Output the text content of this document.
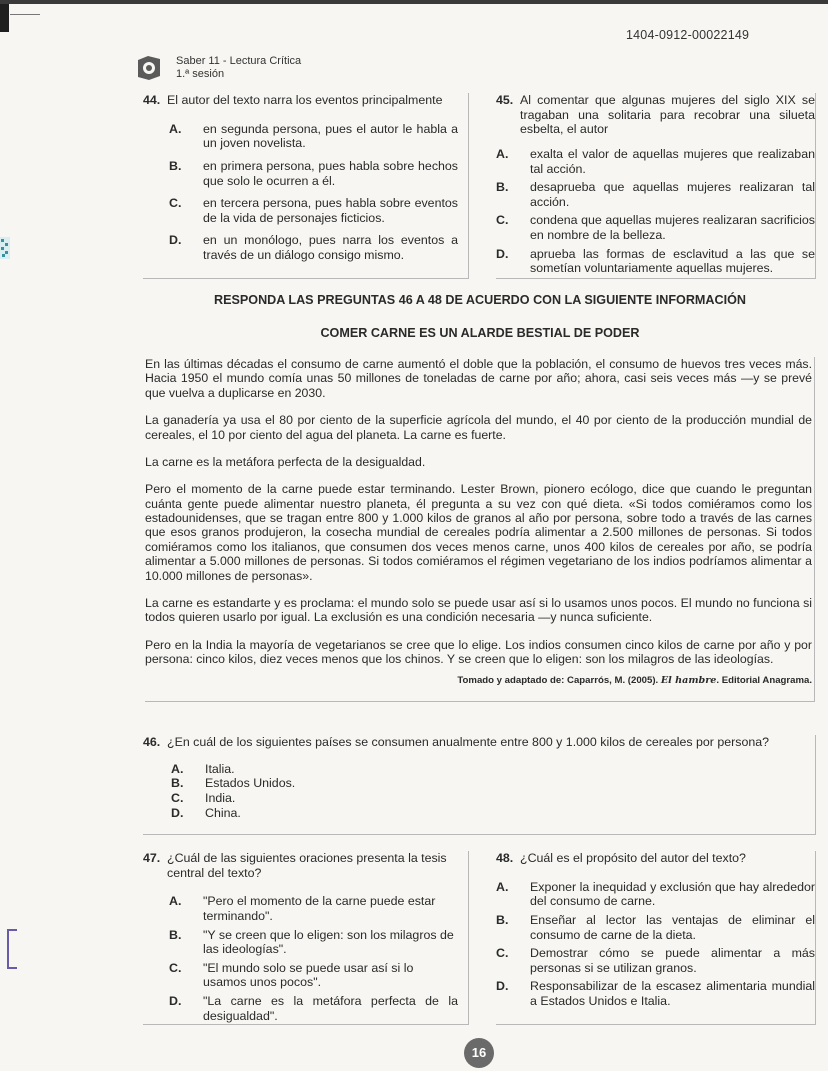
1404-0912-00022149
Saber 11 - Lectura Crítica
1.ª sesión
44. El autor del texto narra los eventos principalmente
A.	en segunda persona, pues el autor le habla a un joven novelista.
B.	en primera persona, pues habla sobre hechos que solo le ocurren a él.
C.	en tercera persona, pues habla sobre eventos de la vida de personajes ficticios.
D.	en un monólogo, pues narra los eventos a través de un diálogo consigo mismo.
45. Al comentar que algunas mujeres del siglo XIX se tragaban una solitaria para recobrar una silueta esbelta, el autor
A.	exalta el valor de aquellas mujeres que realizaban tal acción.
B.	desaprueba que aquellas mujeres realizaran tal acción.
C.	condena que aquellas mujeres realizaran sacrificios en nombre de la belleza.
D.	aprueba las formas de esclavitud a las que se sometían voluntariamente aquellas mujeres.
RESPONDA LAS PREGUNTAS 46 A 48 DE ACUERDO CON LA SIGUIENTE INFORMACIÓN
COMER CARNE ES UN ALARDE BESTIAL DE PODER

En las últimas décadas el consumo de carne aumentó el doble que la población, el consumo de huevos tres veces más. Hacia 1950 el mundo comía unas 50 millones de toneladas de carne por año; ahora, casi seis veces más —y se prevé que vuelva a duplicarse en 2030.

La ganadería ya usa el 80 por ciento de la superficie agrícola del mundo, el 40 por ciento de la producción mundial de cereales, el 10 por ciento del agua del planeta. La carne es fuerte.

La carne es la metáfora perfecta de la desigualdad.

Pero el momento de la carne puede estar terminando. Lester Brown, pionero ecólogo, dice que cuando le preguntan cuánta gente puede alimentar nuestro planeta, él pregunta a su vez con qué dieta. «Si todos comiéramos como los estadounidenses, que se tragan entre 800 y 1.000 kilos de granos al año por persona, sobre todo a través de las carnes que esos granos produjeron, la cosecha mundial de cereales podría alimentar a 2.500 millones de personas. Si todos comiéramos como los italianos, que consumen dos veces menos carne, unos 400 kilos de cereales por año, se podría alimentar a 5.000 millones de personas. Si todos comiéramos el régimen vegetariano de los indios podríamos alimentar a 10.000 millones de personas».

La carne es estandarte y es proclama: el mundo solo se puede usar así si lo usamos unos pocos. El mundo no funciona si todos quieren usarlo por igual. La exclusión es una condición necesaria —y nunca suficiente.

Pero en la India la mayoría de vegetarianos se cree que lo elige. Los indios consumen cinco kilos de carne por año y por persona: cinco kilos, diez veces menos que los chinos. Y se creen que lo eligen: son los milagros de las ideologías.

Tomado y adaptado de: Caparrós, M. (2005). El hambre. Editorial Anagrama.
46. ¿En cuál de los siguientes países se consumen anualmente entre 800 y 1.000 kilos de cereales por persona?
A.	Italia.
B.	Estados Unidos.
C.	India.
D.	China.
47. ¿Cuál de las siguientes oraciones presenta la tesis central del texto?
A.	"Pero el momento de la carne puede estar terminando".
B.	"Y se creen que lo eligen: son los milagros de las ideologías".
C.	"El mundo solo se puede usar así si lo usamos unos pocos".
D.	"La carne es la metáfora perfecta de la desigualdad".
48. ¿Cuál es el propósito del autor del texto?
A.	Exponer la inequidad y exclusión que hay alrededor del consumo de carne.
B.	Enseñar al lector las ventajas de eliminar el consumo de carne de la dieta.
C.	Demostrar cómo se puede alimentar a más personas si se utilizan granos.
D.	Responsabilizar de la escasez alimentaria mundial a Estados Unidos e Italia.
16
